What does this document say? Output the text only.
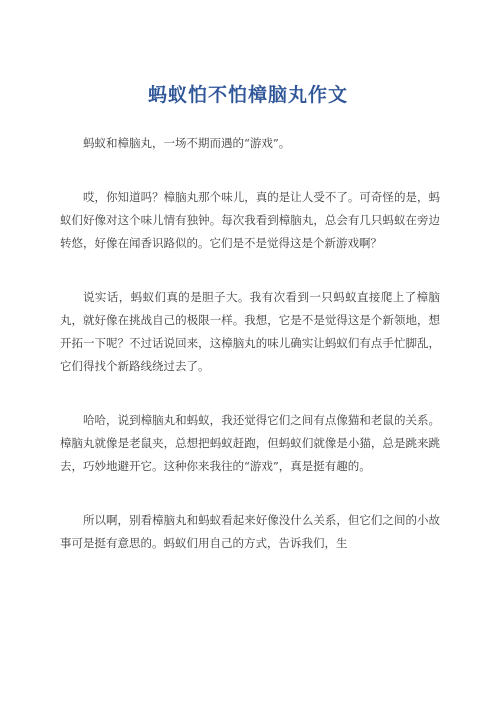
蚂蚁怕不怕樟脑丸作文

蚂蚁和樟脑丸，一场不期而遇的“游戏”。

哎，你知道吗？樟脑丸那个味儿，真的是让人受不了。可奇怪的是，蚂蚁们好像对这个味儿情有独钟。每次我看到樟脑丸，总会有几只蚂蚁在旁边转悠，好像在闻香识路似的。它们是不是觉得这是个新游戏啊？

说实话，蚂蚁们真的是胆子大。我有次看到一只蚂蚁直接爬上了樟脑丸，就好像在挑战自己的极限一样。我想，它是不是觉得这是个新领地，想开拓一下呢？不过话说回来，这樟脑丸的味儿确实让蚂蚁们有点手忙脚乱，它们得找个新路线绕过去了。

哈哈，说到樟脑丸和蚂蚁，我还觉得它们之间有点像猫和老鼠的关系。樟脑丸就像是老鼠夹，总想把蚂蚁赶跑，但蚂蚁们就像是小猫，总是跳来跳去，巧妙地避开它。这种你来我往的“游戏”，真是挺有趣的。

所以啊，别看樟脑丸和蚂蚁看起来好像没什么关系，但它们之间的小故事可是挺有意思的。蚂蚁们用自己的方式，告诉我们，生
